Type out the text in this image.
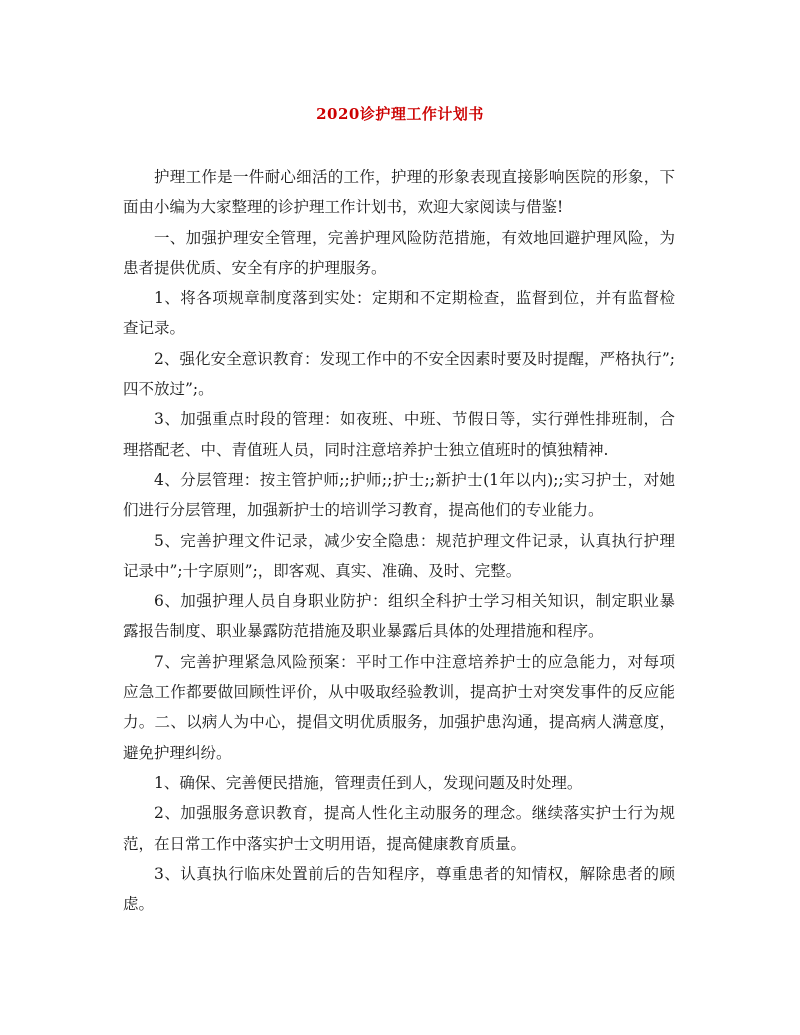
2020诊护理工作计划书

护理工作是一件耐心细活的工作，护理的形象表现直接影响医院的形象，下面由小编为大家整理的诊护理工作计划书，欢迎大家阅读与借鉴!

一、加强护理安全管理，完善护理风险防范措施，有效地回避护理风险，为患者提供优质、安全有序的护理服务。

1、将各项规章制度落到实处：定期和不定期检查，监督到位，并有监督检查记录。

2、强化安全意识教育：发现工作中的不安全因素时要及时提醒，严格执行”;四不放过”;。

3、加强重点时段的管理：如夜班、中班、节假日等，实行弹性排班制，合理搭配老、中、青值班人员，同时注意培养护士独立值班时的慎独精神.

4、分层管理：按主管护师;;护师;;护士;;新护士(1年以内);;实习护士，对她们进行分层管理，加强新护士的培训学习教育，提高他们的专业能力。

5、完善护理文件记录，减少安全隐患：规范护理文件记录，认真执行护理记录中”;十字原则”;，即客观、真实、准确、及时、完整。

6、加强护理人员自身职业防护：组织全科护士学习相关知识，制定职业暴露报告制度、职业暴露防范措施及职业暴露后具体的处理措施和程序。

7、完善护理紧急风险预案：平时工作中注意培养护士的应急能力，对每项应急工作都要做回顾性评价，从中吸取经验教训，提高护士对突发事件的反应能力。二、以病人为中心，提倡文明优质服务，加强护患沟通，提高病人满意度，避免护理纠纷。

1、确保、完善便民措施，管理责任到人，发现问题及时处理。

2、加强服务意识教育，提高人性化主动服务的理念。继续落实护士行为规范，在日常工作中落实护士文明用语，提高健康教育质量。

3、认真执行临床处置前后的告知程序，尊重患者的知情权，解除患者的顾虑。
